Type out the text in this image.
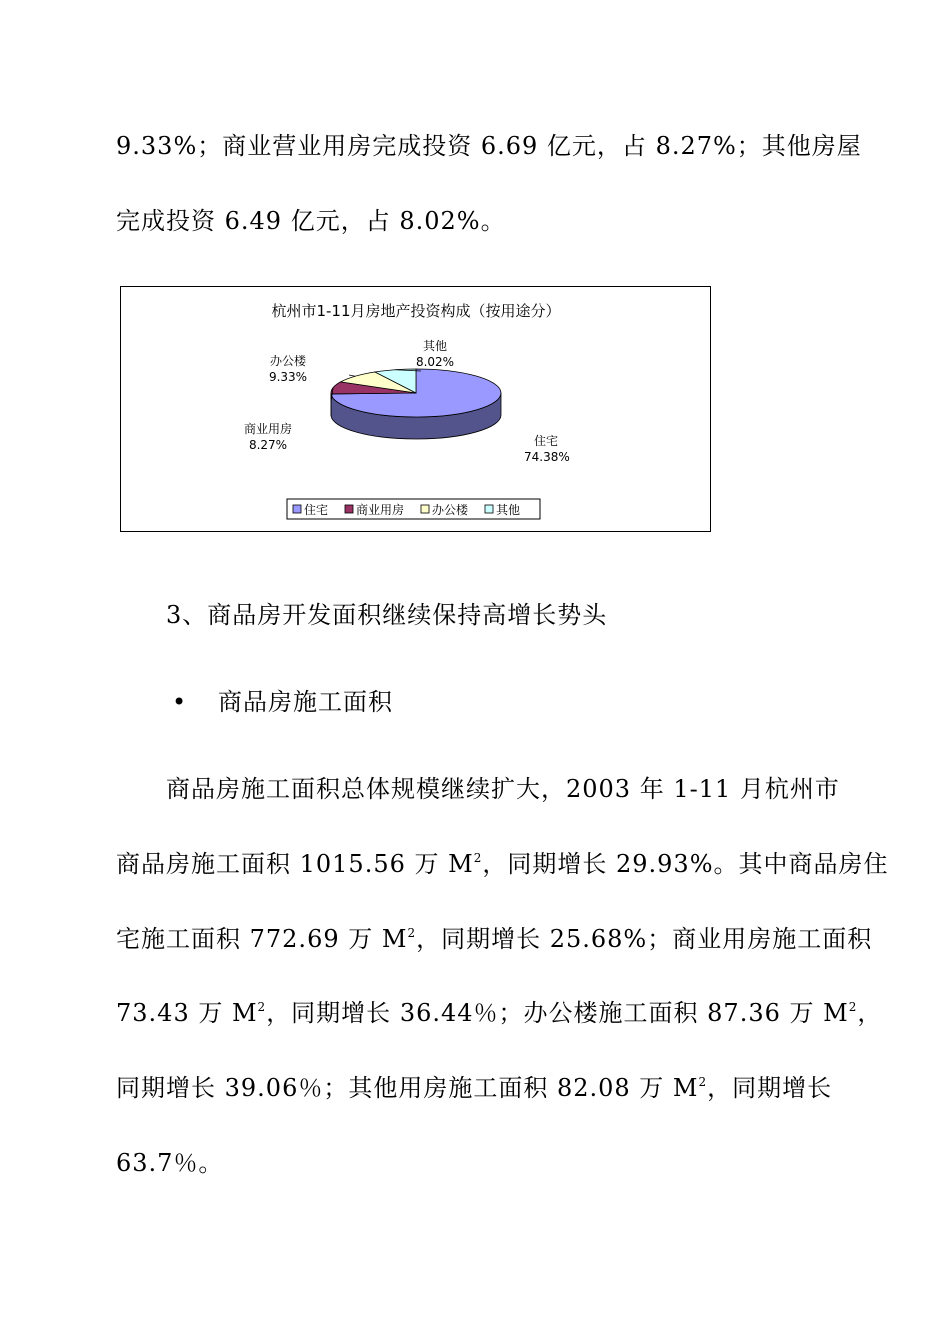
9.33%；商业营业用房完成投资 6.69 亿元，占 8.27%；其他房屋
完成投资 6.49 亿元，占 8.02%。
杭州市1-11月房地产投资构成（按用途分）
住宅
74.38%
商业用房
8.27%
办公楼
9.33%
其他
8.02%
住宅 商业用房 办公楼 其他
3、商品房开发面积继续保持高增长势头
• 商品房施工面积
商品房施工面积总体规模继续扩大，2003 年 1-11 月杭州市
商品房施工面积 1015.56 万 $M^2$，同期增长 29.93%。其中商品房住
宅施工面积 772.69 万 $M^2$，同期增长 25.68%；商业用房施工面积
73.43 万 $M^2$，同期增长 36.44％；办公楼施工面积 87.36 万 $M^2$，
同期增长 39.06％；其他用房施工面积 82.08 万 $M^2$，同期增长
63.7％。
